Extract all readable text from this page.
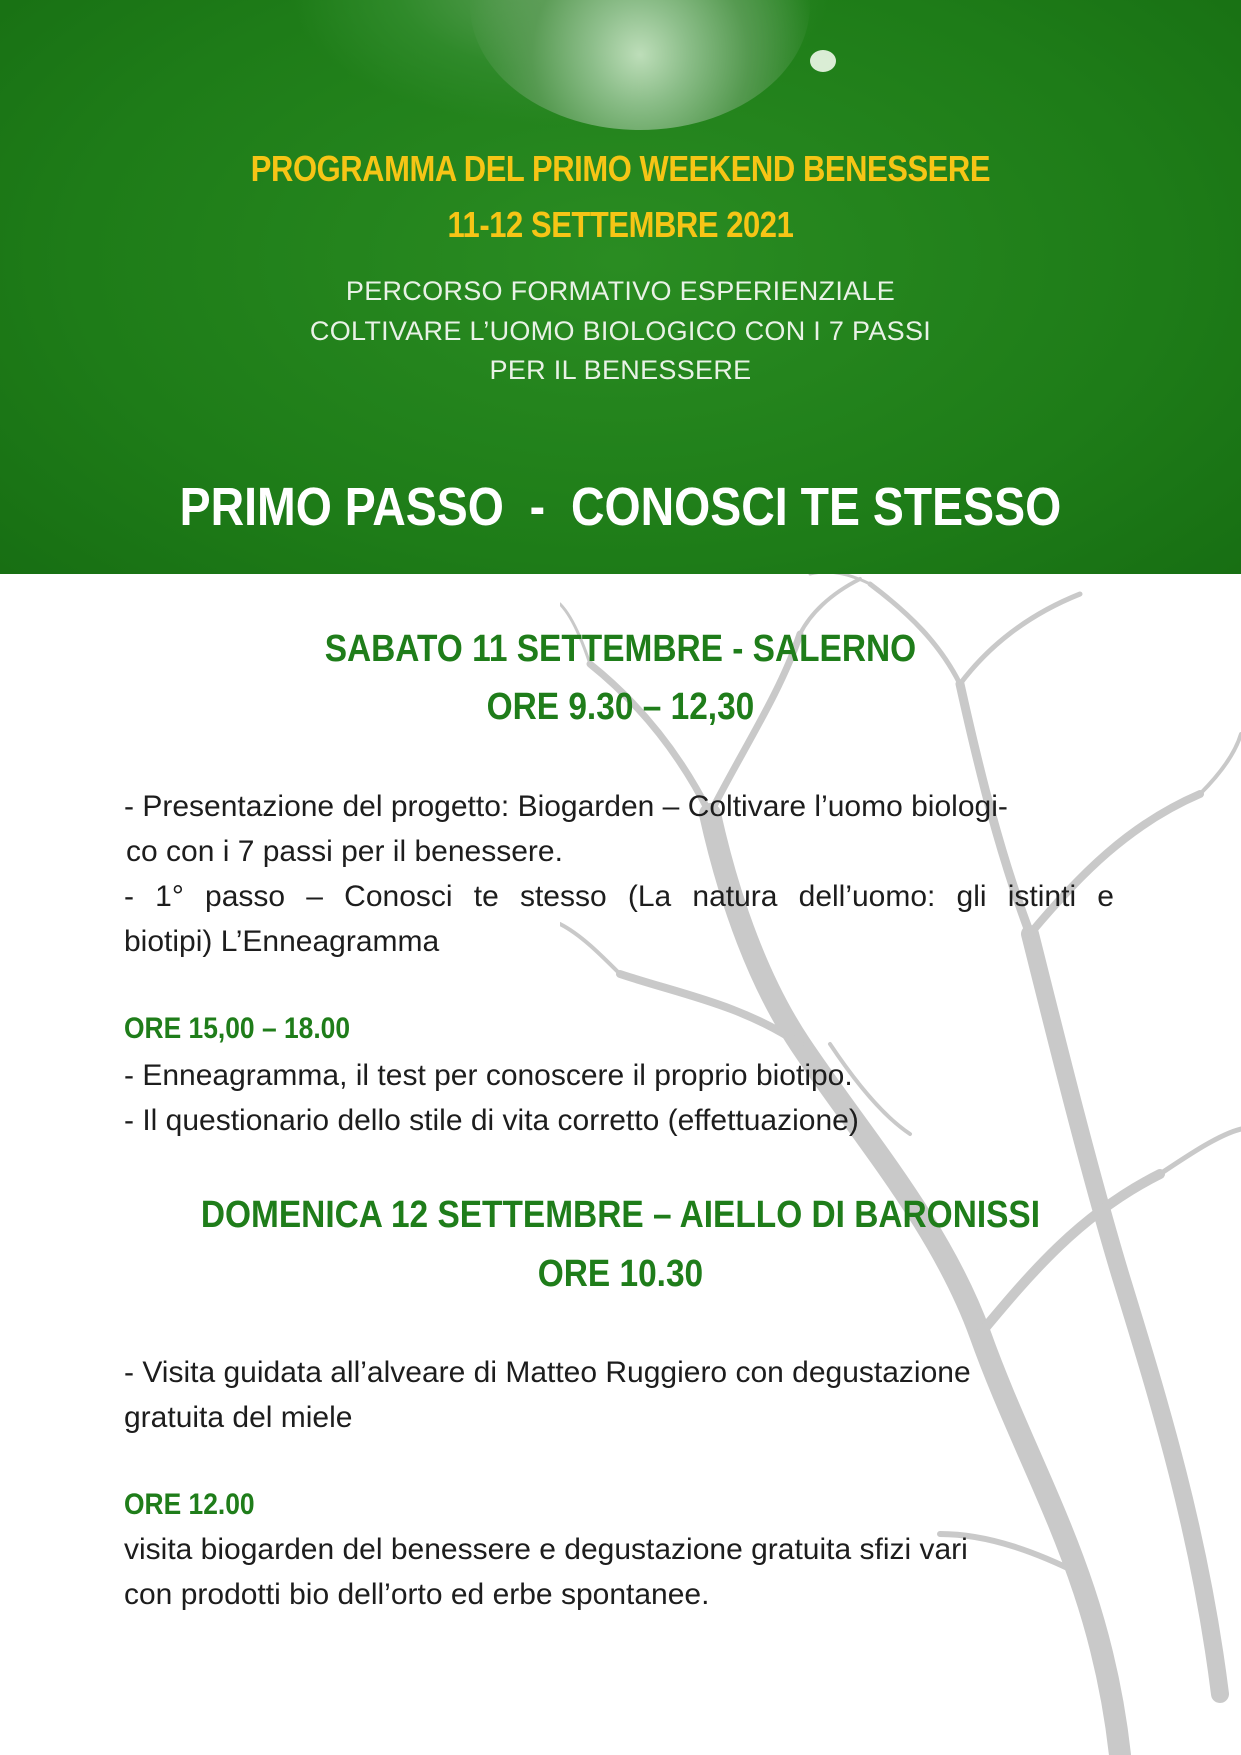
PROGRAMMA DEL PRIMO WEEKEND BENESSERE
11-12 SETTEMBRE 2021
PERCORSO FORMATIVO ESPERIENZIALE
COLTIVARE L’UOMO BIOLOGICO CON I 7 PASSI
PER IL BENESSERE
PRIMO PASSO  -  CONOSCI TE STESSO
SABATO 11 SETTEMBRE - SALERNO
ORE 9.30 – 12,30
- Presentazione del progetto: Biogarden – Coltivare l’uomo biologi-
co con i 7 passi per il benessere.
- 1° passo – Conosci te stesso (La natura dell’uomo: gli istinti e
biotipi) L’Enneagramma
ORE 15,00 – 18.00
- Enneagramma, il test per conoscere il proprio biotipo.
- Il questionario dello stile di vita corretto (effettuazione)
DOMENICA 12 SETTEMBRE – AIELLO DI BARONISSI
ORE 10.30
- Visita guidata all’alveare di Matteo Ruggiero con degustazione
gratuita del miele
ORE 12.00
visita biogarden del benessere e degustazione gratuita sfizi vari
con prodotti bio dell’orto ed erbe spontanee.
